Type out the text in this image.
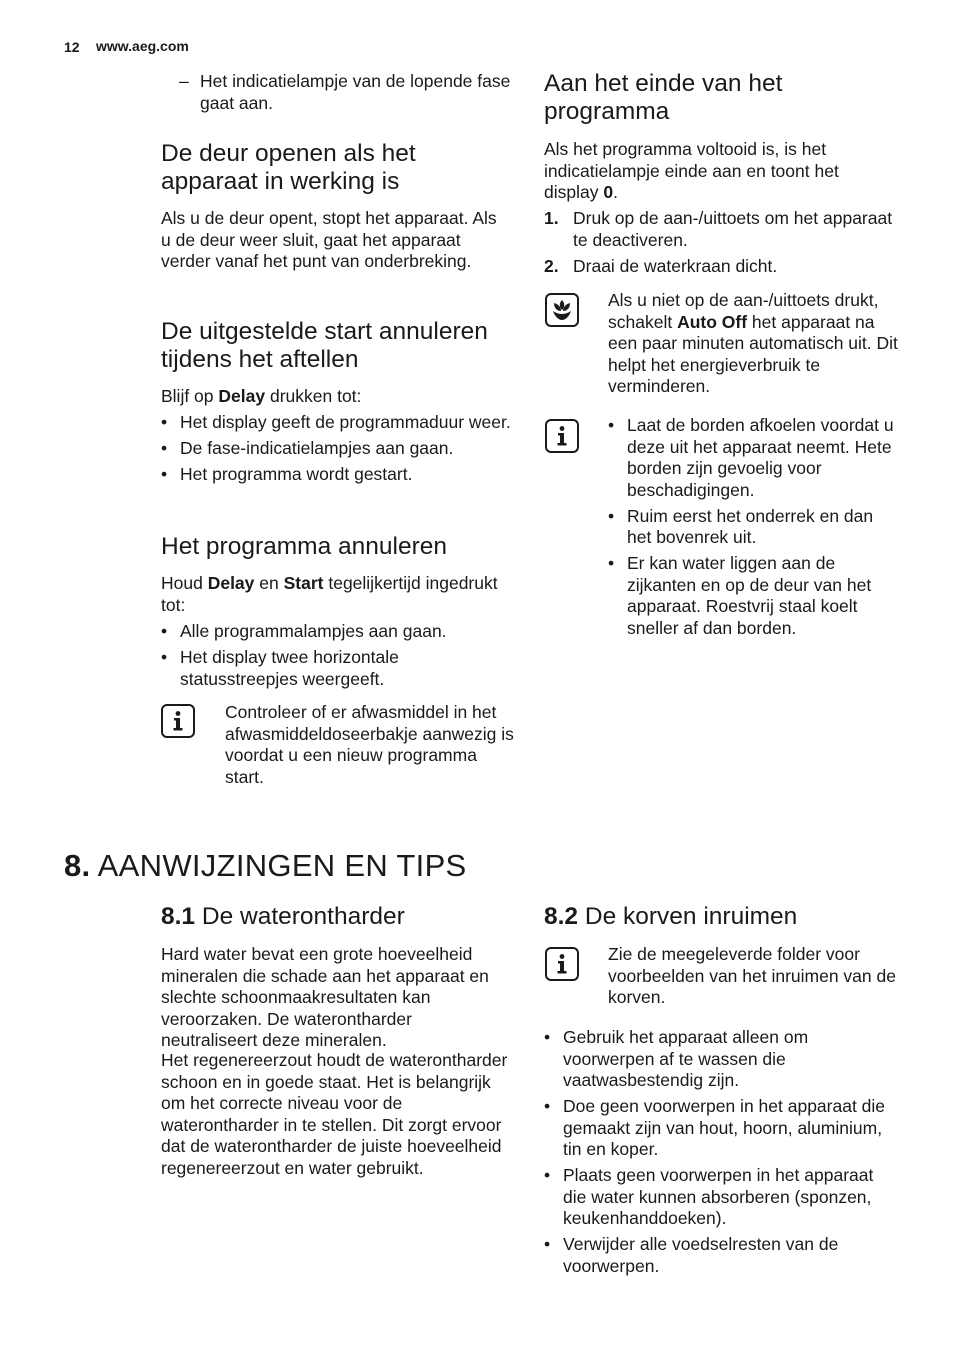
12 www.aeg.com
– Het indicatielampje van de lopende fase gaat aan.
De deur openen als het apparaat in werking is

Als u de deur opent, stopt het apparaat. Als u de deur weer sluit, gaat het apparaat verder vanaf het punt van onderbreking.

De uitgestelde start annuleren tijdens het aftellen

Blijf op Delay drukken tot:

• Het display geeft de programmaduur weer.
• De fase-indicatielampjes aan gaan.
• Het programma wordt gestart.
Het programma annuleren

Houd Delay en Start tegelijkertijd ingedrukt tot:

• Alle programmalampjes aan gaan.
• Het display twee horizontale statusstreepjes weergeeft.
Controleer of er afwasmiddel in het afwasmiddeldoseerbakje aanwezig is voordat u een nieuw programma start.
Aan het einde van het programma

Als het programma voltooid is, is het indicatielampje einde aan en toont het display 0.

1. Druk op de aan-/uittoets om het apparaat te deactiveren.
2. Draai de waterkraan dicht.
Als u niet op de aan-/uittoets drukt, schakelt Auto Off het apparaat na een paar minuten automatisch uit. Dit helpt het energieverbruik te verminderen.
• Laat de borden afkoelen voordat u deze uit het apparaat neemt. Hete borden zijn gevoelig voor beschadigingen.
• Ruim eerst het onderrek en dan het bovenrek uit.
• Er kan water liggen aan de zijkanten en op de deur van het apparaat. Roestvrij staal koelt sneller af dan borden.
8. AANWIJZINGEN EN TIPS
8.1 De waterontharder

Hard water bevat een grote hoeveelheid mineralen die schade aan het apparaat en slechte schoonmaakresultaten kan veroorzaken. De waterontharder neutraliseert deze mineralen.

Het regenereerzout houdt de waterontharder schoon en in goede staat. Het is belangrijk om het correcte niveau voor de waterontharder in te stellen. Dit zorgt ervoor dat de waterontharder de juiste hoeveelheid regenereerzout en water gebruikt.

8.2 De korven inruimen
Zie de meegeleverde folder voor voorbeelden van het inruimen van de korven.
• Gebruik het apparaat alleen om voorwerpen af te wassen die vaatwasbestendig zijn.
• Doe geen voorwerpen in het apparaat die gemaakt zijn van hout, hoorn, aluminium, tin en koper.
• Plaats geen voorwerpen in het apparaat die water kunnen absorberen (sponzen, keukenhanddoeken).
• Verwijder alle voedselresten van de voorwerpen.
